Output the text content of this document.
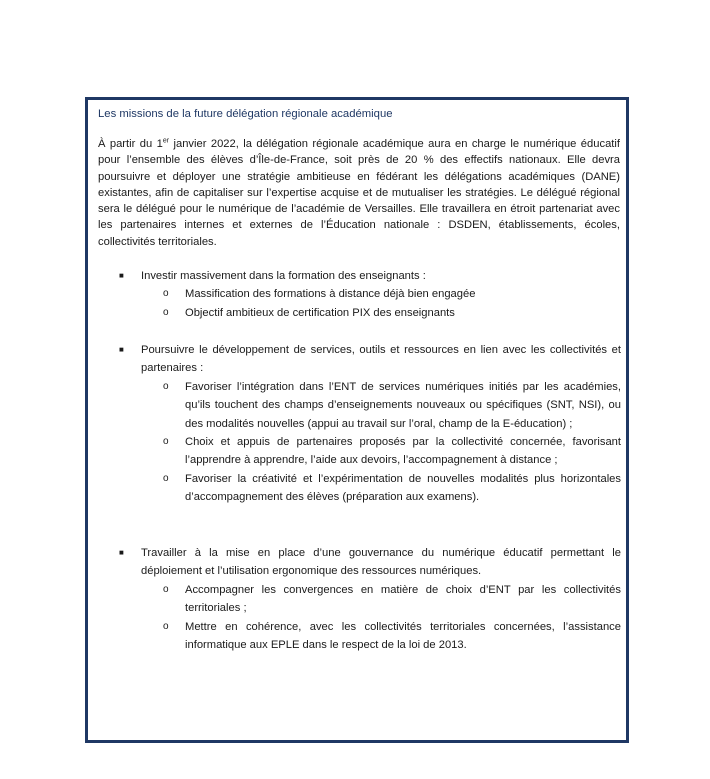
Les missions de la future délégation régionale académique
À partir du 1er janvier 2022, la délégation régionale académique aura en charge le numérique éducatif pour l’ensemble des élèves d’Île-de-France, soit près de 20 % des effectifs nationaux. Elle devra poursuivre et déployer une stratégie ambitieuse en fédérant les délégations académiques (DANE) existantes, afin de capitaliser sur l’expertise acquise et de mutualiser les stratégies. Le délégué régional sera le délégué pour le numérique de l’académie de Versailles. Elle travaillera en étroit partenariat avec les partenaires internes et externes de l’Éducation nationale : DSDEN, établissements, écoles, collectivités territoriales.
■ Investir massivement dans la formation des enseignants :
o Massification des formations à distance déjà bien engagée
o Objectif ambitieux de certification PIX des enseignants
■ Poursuivre le développement de services, outils et ressources en lien avec les collectivités et partenaires :
o Favoriser l’intégration dans l’ENT de services numériques initiés par les académies, qu’ils touchent des champs d’enseignements nouveaux ou spécifiques (SNT, NSI), ou des modalités nouvelles (appui au travail sur l’oral, champ de la E-éducation) ;
o Choix et appuis de partenaires proposés par la collectivité concernée, favorisant l’apprendre à apprendre, l’aide aux devoirs, l’accompagnement à distance ;
o Favoriser la créativité et l’expérimentation de nouvelles modalités plus horizontales d’accompagnement des élèves (préparation aux examens).
■ Travailler à la mise en place d’une gouvernance du numérique éducatif permettant le déploiement et l’utilisation ergonomique des ressources numériques.
o Accompagner les convergences en matière de choix d’ENT par les collectivités territoriales ;
o Mettre en cohérence, avec les collectivités territoriales concernées, l’assistance informatique aux EPLE dans le respect de la loi de 2013.
